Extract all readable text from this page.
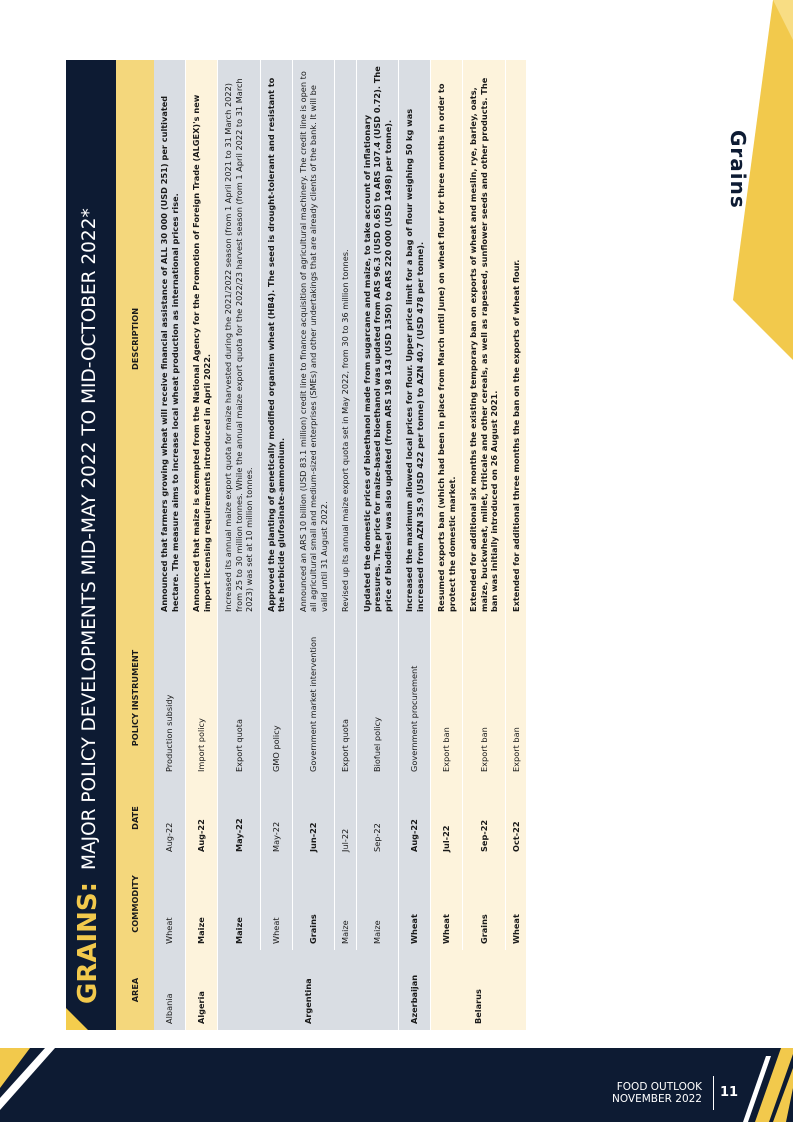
Grains
GRAINS:
MAJOR POLICY DEVELOPMENTS MID-MAY 2022 TO MID-OCTOBER 2022*
AREA	COMMODITY	DATE	POLICY INSTRUMENT	DESCRIPTION
Albania	Wheat	Aug-22	Production subsidy	Announced that farmers growing wheat will receive financial assistance of ALL 30 000 (USD 251) per cultivated hectare. The measure aims to increase local wheat production as international prices rise.
Algeria	Maize	Aug-22	Import policy	Announced that maize is exempted from the National Agency for the Promotion of Foreign Trade (ALGEX)'s new import licensing requirements introduced in April 2022.
Argentina	Maize	May-22	Export quota	Increased its annual maize export quota for maize harvested during the 2021/2022 season (from 1 April 2021 to 31 March 2022) from 25 to 30 million tonnes. While the annual maize export quota for the 2022/23 harvest season (from 1 April 2022 to 31 March 2023) was set at 10 million tonnes.
	Wheat	May-22	GMO policy	Approved the planting of genetically modified organism wheat (HB4). The seed is drought-tolerant and resistant to the herbicide glufosinate-ammonium.
	Grains	Jun-22	Government market intervention	Announced an ARS 10 billion (USD 83.1 million) credit line to finance acquisition of agricultural machinery. The credit line is open to all agricultural small and medium-sized enterprises (SMEs) and other undertakings that are already clients of the bank. It will be valid until 31 August 2022.
	Maize	Jul-22	Export quota	Revised up its annual maize export quota set in May 2022, from 30 to 36 million tonnes.
	Maize	Sep-22	Biofuel policy	Updated the domestic prices of bioethanol made from sugarcane and maize, to take account of inflationary pressures. The price for maize-based bioethanol was updated from ARS 96.3 (USD 0.65) to ARS 107.4 (USD 0.72). The price of biodiesel was also updated (from ARS 198 143 (USD 1350) to ARS 220 000 (USD 1498) per tonne).
Azerbaijan	Wheat	Aug-22	Government procurement	Increased the maximum allowed local prices for flour. Upper price limit for a bag of flour weighing 50 kg was increased from AZN 35.9 (USD 422 per tonne) to AZN 40.7 (USD 478 per tonne).
Belarus	Wheat	Jul-22	Export ban	Resumed exports ban (which had been in place from March until June) on wheat flour for three months in order to protect the domestic market.
	Grains	Sep-22	Export ban	Extended for additional six months the existing temporary ban on exports of wheat and meslin, rye, barley, oats, maize, buckwheat, millet, triticale and other cereals, as well as rapeseed, sunflower seeds and other products. The ban was initially introduced on 26 August 2021.
	Wheat	Oct-22	Export ban	Extended for additional three months the ban on the exports of wheat flour.
FOOD OUTLOOK
NOVEMBER 2022 11
